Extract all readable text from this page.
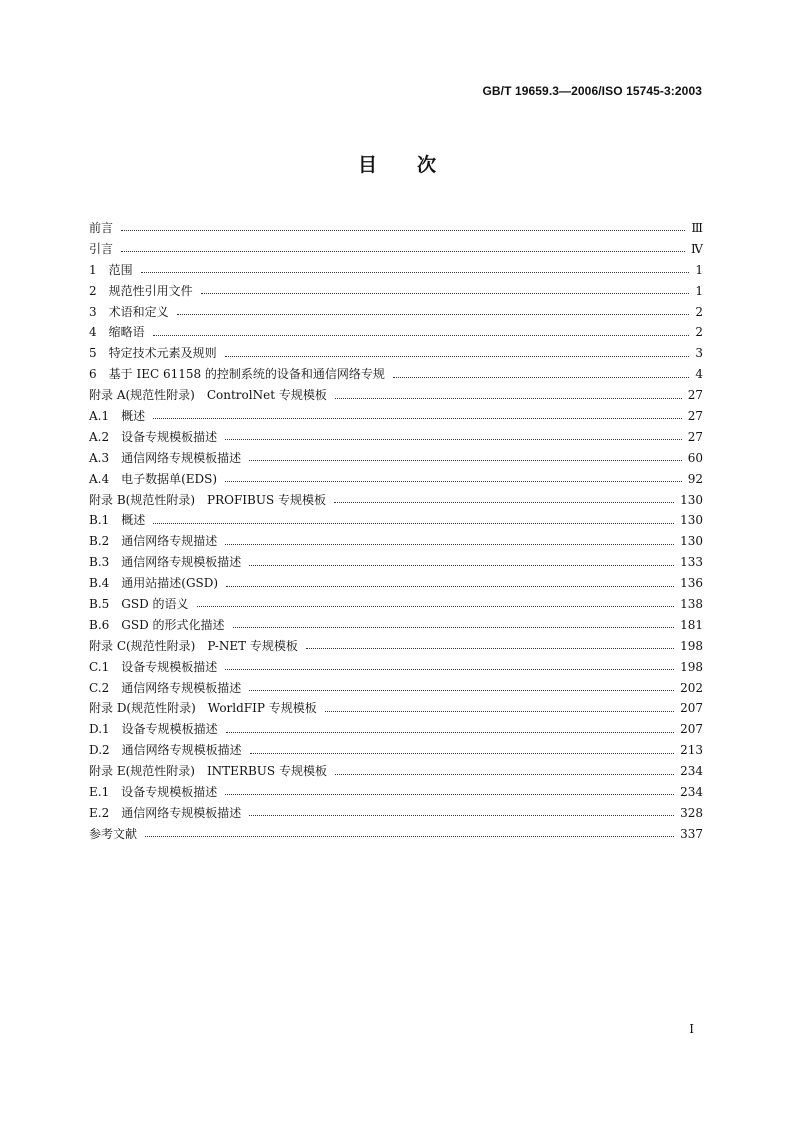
GB/T 19659.3—2006/ISO 15745-3:2003
目次
前言	Ⅲ
引言	Ⅳ
1　范围	1
2　规范性引用文件	1
3　术语和定义	2
4　缩略语	2
5　特定技术元素及规则	3
6　基于 IEC 61158 的控制系统的设备和通信网络专规	4
附录 A(规范性附录)　ControlNet 专规模板	27
A.1　概述	27
A.2　设备专规模板描述	27
A.3　通信网络专规模板描述	60
A.4　电子数据单(EDS)	92
附录 B(规范性附录)　PROFIBUS 专规模板	130
B.1　概述	130
B.2　通信网络专规描述	130
B.3　通信网络专规模板描述	133
B.4　通用站描述(GSD)	136
B.5　GSD 的语义	138
B.6　GSD 的形式化描述	181
附录 C(规范性附录)　P-NET 专规模板	198
C.1　设备专规模板描述	198
C.2　通信网络专规模板描述	202
附录 D(规范性附录)　WorldFIP 专规模板	207
D.1　设备专规模板描述	207
D.2　通信网络专规模板描述	213
附录 E(规范性附录)　INTERBUS 专规模板	234
E.1　设备专规模板描述	234
E.2　通信网络专规模板描述	328
参考文献	337
Ⅰ
